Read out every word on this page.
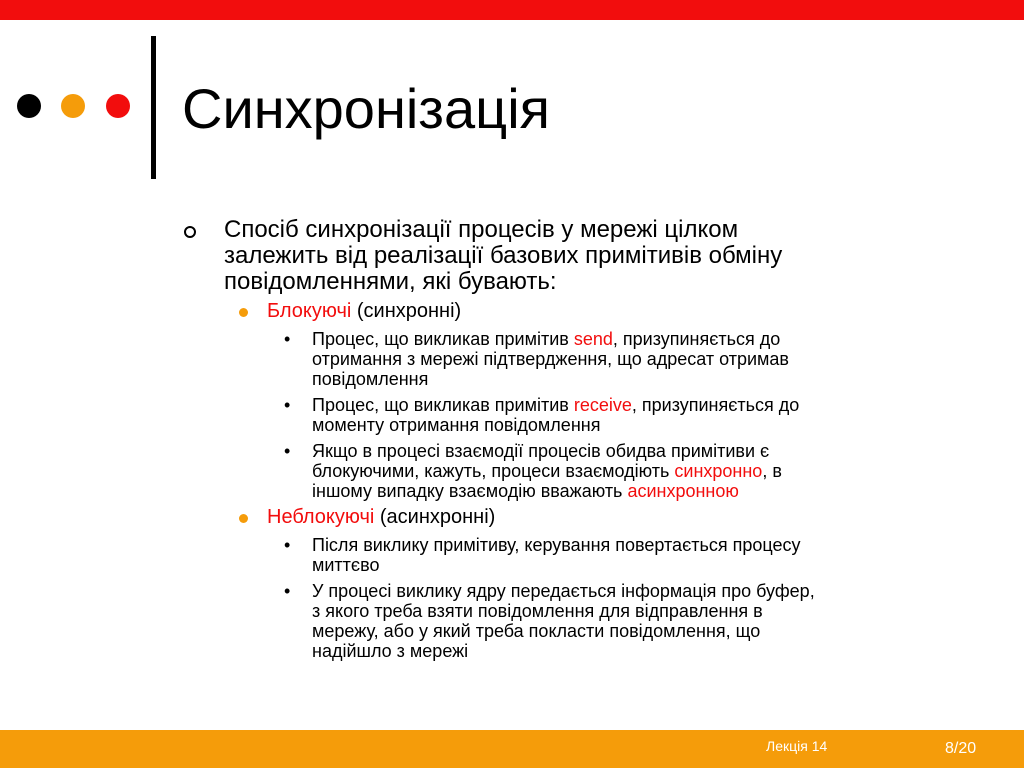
Синхронізація
Спосіб синхронізації процесів у мережі цілком
залежить від реалізації базових примітивів обміну
повідомленнями, які бувають:
Блокуючі (синхронні)
• Процес, що викликав примітив send, призупиняється до
отримання з мережі підтвердження, що адресат отримав
повідомлення
• Процес, що викликав примітив receive, призупиняється до
моменту отримання повідомлення
• Якщо в процесі взаємодії процесів обидва примітиви є
блокуючими, кажуть, процеси взаємодіють синхронно, в
іншому випадку взаємодію вважають асинхронною
Неблокуючі (асинхронні)
• Після виклику примітиву, керування повертається процесу
миттєво
• У процесі виклику ядру передається інформація про буфер,
з якого треба взяти повідомлення для відправлення в
мережу, або у який треба покласти повідомлення, що
надійшло з мережі
Лекція 14	8/20
